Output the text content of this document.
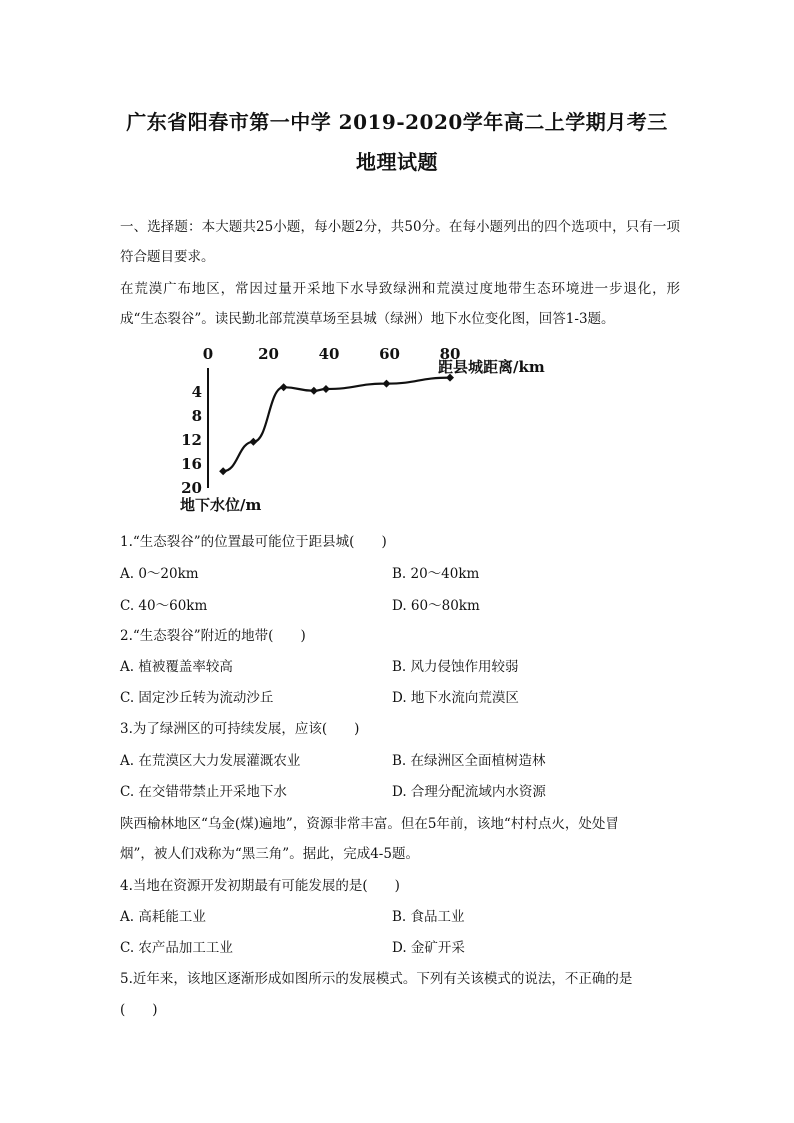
广东省阳春市第一中学 2019-2020学年高二上学期月考三
地理试题
一、选择题：本大题共25小题，每小题2分，共50分。在每小题列出的四个选项中，只有一项符合题目要求。
在荒漠广布地区，常因过量开采地下水导致绿洲和荒漠过度地带生态环境进一步退化，形成“生态裂谷”。读民勤北部荒漠草场至县城（绿洲）地下水位变化图，回答1-3题。
0	20	40	60	80
4
8
12
16
20
距县城距离/km
地下水位/m
1.“生态裂谷”的位置最可能位于距县城(　　)
A. 0～20km	B. 20～40km
C. 40～60km	D. 60～80km
2.“生态裂谷”附近的地带(　　)
A. 植被覆盖率较高	B. 风力侵蚀作用较弱
C. 固定沙丘转为流动沙丘	D. 地下水流向荒漠区
3.为了绿洲区的可持续发展，应该(　　)
A. 在荒漠区大力发展灌溉农业	B. 在绿洲区全面植树造林
C. 在交错带禁止开采地下水	D. 合理分配流域内水资源
陕西榆林地区“乌金(煤)遍地”，资源非常丰富。但在5年前，该地“村村点火，处处冒
烟”，被人们戏称为“黑三角”。据此，完成4-5题。
4.当地在资源开发初期最有可能发展的是(　　)
A. 高耗能工业	B. 食品工业
C. 农产品加工工业	D. 金矿开采
5.近年来，该地区逐渐形成如图所示的发展模式。下列有关该模式的说法，不正确的是
(　　)
